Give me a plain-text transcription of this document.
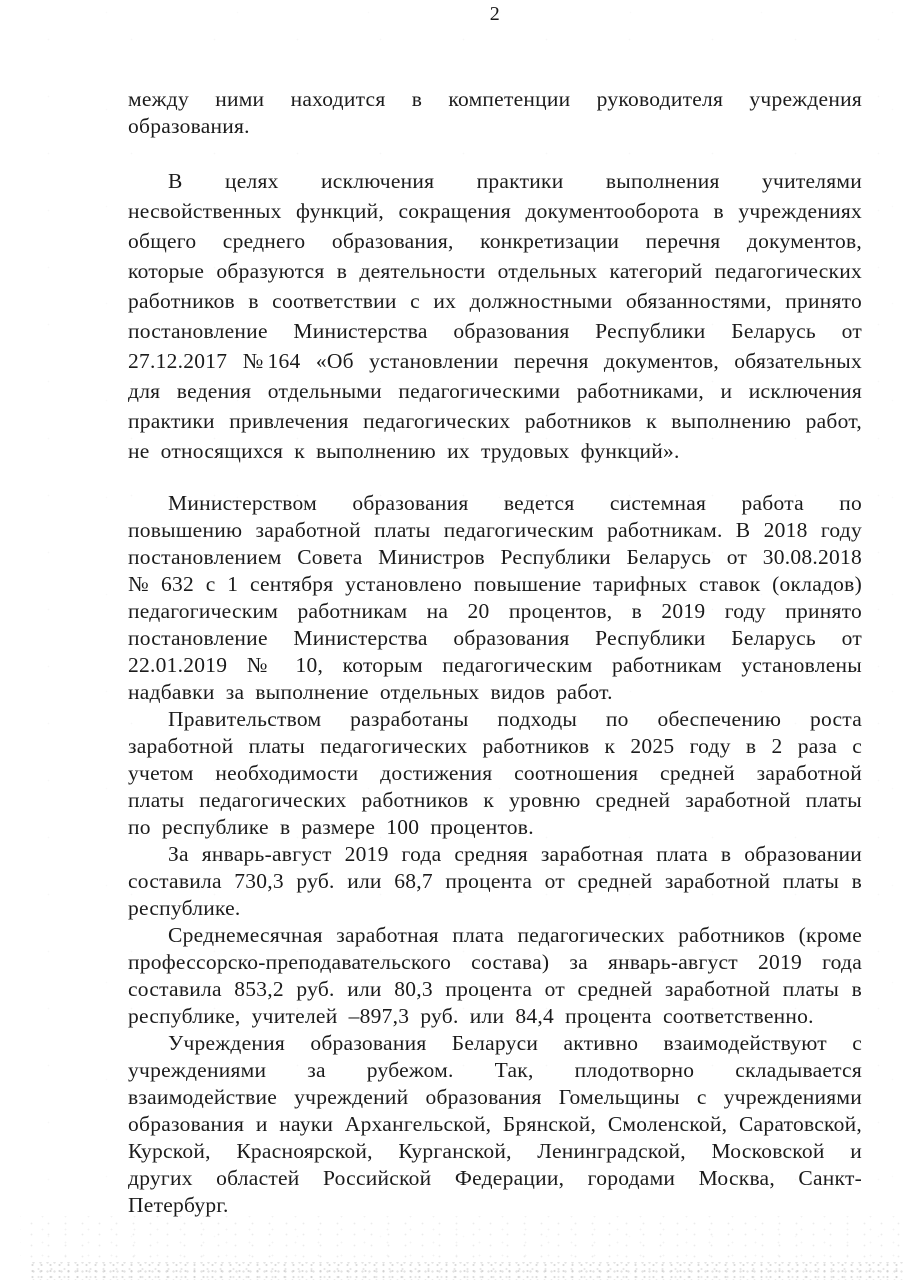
2

между ними находится в компетенции руководителя учреждения образования.

В целях исключения практики выполнения учителями несвойственных функций, сокращения документооборота в учреждениях общего среднего образования, конкретизации перечня документов, которые образуются в деятельности отдельных категорий педагогических работников в соответствии с их должностными обязанностями, принято постановление Министерства образования Республики Беларусь от 27.12.2017 №164 «Об установлении перечня документов, обязательных для ведения отдельными педагогическими работниками, и исключения практики привлечения педагогических работников к выполнению работ, не относящихся к выполнению их трудовых функций».

Министерством образования ведется системная работа по повышению заработной платы педагогическим работникам. В 2018 году постановлением Совета Министров Республики Беларусь от 30.08.2018 № 632 с 1 сентября установлено повышение тарифных ставок (окладов) педагогическим работникам на 20 процентов, в 2019 году принято постановление Министерства образования Республики Беларусь от 22.01.2019 № 10, которым педагогическим работникам установлены надбавки за выполнение отдельных видов работ.

Правительством разработаны подходы по обеспечению роста заработной платы педагогических работников к 2025 году в 2 раза с учетом необходимости достижения соотношения средней заработной платы педагогических работников к уровню средней заработной платы по республике в размере 100 процентов.

За январь-август 2019 года средняя заработная плата в образовании составила 730,3 руб. или 68,7 процента от средней заработной платы в республике.

Среднемесячная заработная плата педагогических работников (кроме профессорско-преподавательского состава) за январь-август 2019 года составила 853,2 руб. или 80,3 процента от средней заработной платы в республике, учителей –897,3 руб. или 84,4 процента соответственно.

Учреждения образования Беларуси активно взаимодействуют с учреждениями за рубежом. Так, плодотворно складывается взаимодействие учреждений образования Гомельщины с учреждениями образования и науки Архангельской, Брянской, Смоленской, Саратовской, Курской, Красноярской, Курганской, Ленинградской, Московской и других областей Российской Федерации, городами Москва, Санкт-Петербург.
